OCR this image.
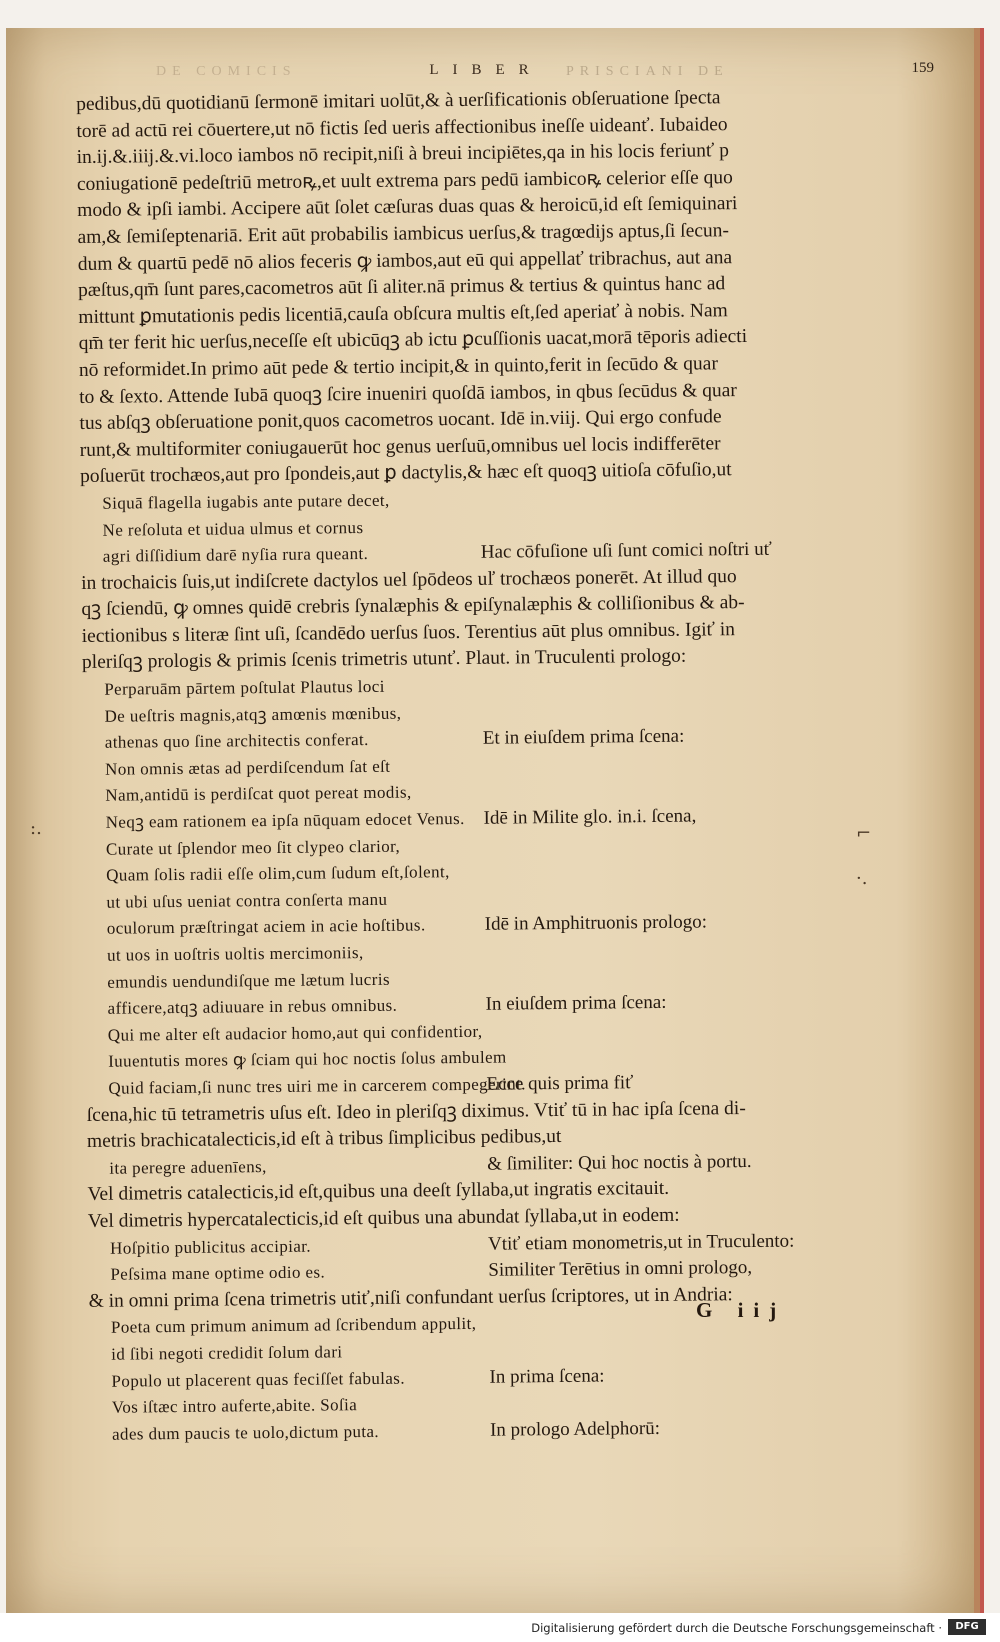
DE COMICIS	PRISCIANI DE
LIBER	159
pedibus,dū quotidianū ſermonē imitari uolūt,& à uerſificationis obſeruatione ſpecta
torē ad actū rei cōuertere,ut nō fictis ſed ueris affectionibus ineſſe uideanť. Iubaideo
in.ij.&.iiij.&.vi.loco iambos nō recipit,niſi à breui incipiētes,qa in his locis feriunť p
coniugationē pedeſtriū metroꝶ,et uult extrema pars pedū iambicoꝶ celerior eſſe quo
modo & ipſi iambi. Accipere aūt ſolet cæſuras duas quas & heroicū,id eſt ſemiquinari
am,& ſemiſeptenariā. Erit aūt probabilis iambicus uerſus,& tragœdijs aptus,ſi ſecun-
dum & quartū pedē nō alios feceris ꝙ iambos,aut eū qui appellať tribrachus, aut ana
pæſtus,qm̄ ſunt pares,cacometros aūt ſi aliter.nā primus & tertius & quintus hanc ad
mittunt ꝑmutationis pedis licentiā,cauſa obſcura multis eſt,ſed aperiať à nobis. Nam
qm̄ ter ferit hic uerſus,neceſſe eſt ubicūqꝫ ab ictu ꝑcuſſionis uacat,morā tēporis adiecti
nō reformidet.In primo aūt pede & tertio incipit,& in quinto,ferit in ſecūdo & quar
to & ſexto. Attende Iubā quoqꝫ ſcire inueniri quoſdā iambos, in qbus ſecūdus & quar
tus abſqꝫ obſeruatione ponit,quos cacometros uocant. Idē in.viij. Qui ergo confude
runt,& multiformiter coniugauerūt hoc genus uerſuū,omnibus uel locis indifferēter
poſuerūt trochæos,aut pro ſpondeis,aut ꝑ dactylis,& hæc eſt quoqꝫ uitioſa cōfuſio,ut
Siquā flagella iugabis ante putare decet,
Ne reſoluta et uidua ulmus et cornus
agri diſſidium darē nyſia rura queant.	Hac cōfuſione uſi ſunt comici noſtri uť
in trochaicis ſuis,ut indiſcrete dactylos uel ſpōdeos uľ trochæos ponerēt. At illud quo
qꝫ ſciendū, ꝙ omnes quidē crebris ſynalæphis & epiſynalæphis & colliſionibus & ab-
iectionibus s literæ ſint uſi, ſcandēdo uerſus ſuos. Terentius aūt plus omnibus. Igiť in
pleriſqꝫ prologis & primis ſcenis trimetris utunť. Plaut. in Truculenti prologo:
Perparuām pārtem poſtulat Plautus loci
De ueſtris magnis,atqꝫ amœnis mœnibus,
athenas quo ſine architectis conferat.	Et in eiuſdem prima ſcena:
Non omnis ætas ad perdiſcendum ſat eſt
Nam,antidū is perdiſcat quot pereat modis,
Neqꝫ eam rationem ea ipſa nūquam edocet Venus. Idē in Milite glo. in.i. ſcena,
Curate ut ſplendor meo ſit clypeo clarior,
Quam ſolis radii eſſe olim,cum ſudum eſt,ſolent,
ut ubi uſus ueniat contra conſerta manu
oculorum præſtringat aciem in acie hoſtibus.	Idē in Amphitruonis prologo:
ut uos in uoſtris uoltis mercimoniis,
emundis uendundiſque me lætum lucris
afficere,atqꝫ adiuuare in rebus omnibus.	In eiuſdem prima ſcena:
Qui me alter eſt audacior homo,aut qui confidentior,
Iuuentutis mores ꝙ ſciam qui hoc noctis ſolus ambulem
Quid faciam,ſi nunc tres uiri me in carcerem compegerint.
Ecce quis prima fiť
ſcena,hic tū tetrametris uſus eſt. Ideo in pleriſqꝫ diximus. Vtiť tū in hac ipſa ſcena di-
metris brachicatalecticis,id eſt à tribus ſimplicibus pedibus,ut
ita peregre aduenīens,	& ſimiliter: Qui hoc noctis à portu.
Vel dimetris catalecticis,id eſt,quibus una deeſt ſyllaba,ut ingratis excitauit.
Vel dimetris hypercatalecticis,id eſt quibus una abundat ſyllaba,ut in eodem:
Hoſpitio publicitus accipiar.	Vtiť etiam monometris,ut in Truculento:
Peſsima mane optime odio es.	Similiter Terētius in omni prologo,
& in omni prima ſcena trimetris utiť,niſi confundant uerſus ſcriptores, ut in Andria:
Poeta cum primum animum ad ſcribendum appulit,
id ſibi negoti credidit ſolum dari
Populo ut placerent quas feciſſet fabulas.	In prima ſcena:
Vos iſtæc intro auferte,abite. Soſia
ades dum paucis te uolo,dictum puta.	In prologo Adelphorū:
:.	⌐
·.
G iij
Digitalisierung gefördert durch die Deutsche Forschungsgemeinschaft ·	DFG
